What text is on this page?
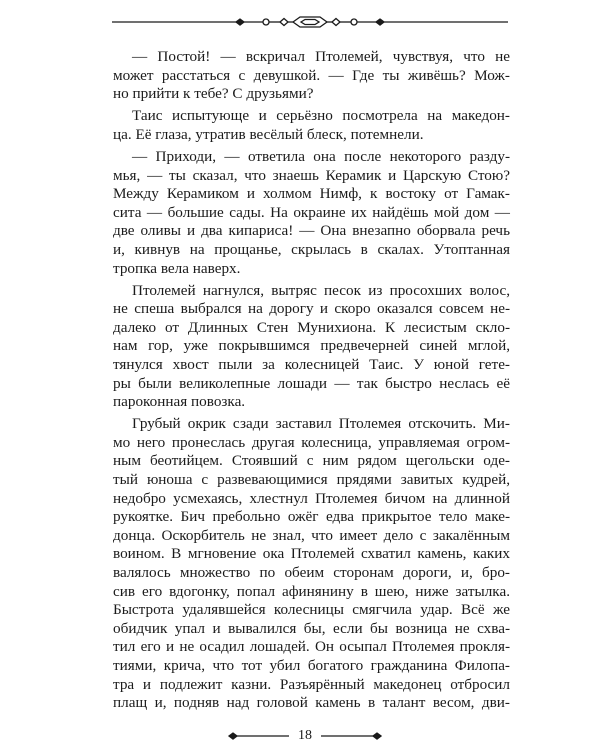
— Постой! — вскричал Птолемей, чувствуя, что не
может расстаться с девушкой. — Где ты живёшь? Мож-
но прийти к тебе? С друзьями?
Таис испытующе и серьёзно посмотрела на македон-
ца. Её глаза, утратив весёлый блеск, потемнели.
— Приходи, — ответила она после некоторого разду-
мья, — ты сказал, что знаешь Керамик и Царскую Стою?
Между Керамиком и холмом Нимф, к востоку от Гамак-
сита — большие сады. На окраине их найдёшь мой дом —
две оливы и два кипариса! — Она внезапно оборвала речь
и, кивнув на прощанье, скрылась в скалах. Утоптанная
тропка вела наверх.
Птолемей нагнулся, вытряс песок из просохших волос,
не спеша выбрался на дорогу и скоро оказался совсем не-
далеко от Длинных Стен Мунихиона. К лесистым скло-
нам гор, уже покрывшимся предвечерней синей мглой,
тянулся хвост пыли за колесницей Таис. У юной гете-
ры были великолепные лошади — так быстро неслась её
пароконная повозка.
Грубый окрик сзади заставил Птолемея отскочить. Ми-
мо него пронеслась другая колесница, управляемая огром-
ным беотийцем. Стоявший с ним рядом щегольски оде-
тый юноша с развевающимися прядями завитых кудрей,
недобро усмехаясь, хлестнул Птолемея бичом на длинной
рукоятке. Бич пребольно ожёг едва прикрытое тело маке-
донца. Оскорбитель не знал, что имеет дело с закалённым
воином. В мгновение ока Птолемей схватил камень, каких
валялось множество по обеим сторонам дороги, и, бро-
сив его вдогонку, попал афинянину в шею, ниже затылка.
Быстрота удалявшейся колесницы смягчила удар. Всё же
обидчик упал и вывалился бы, если бы возница не схва-
тил его и не осадил лошадей. Он осыпал Птолемея прокля-
тиями, крича, что тот убил богатого гражданина Филопа-
тра и подлежит казни. Разъярённый македонец отбросил
плащ и, подняв над головой камень в талант весом, дви-
18
